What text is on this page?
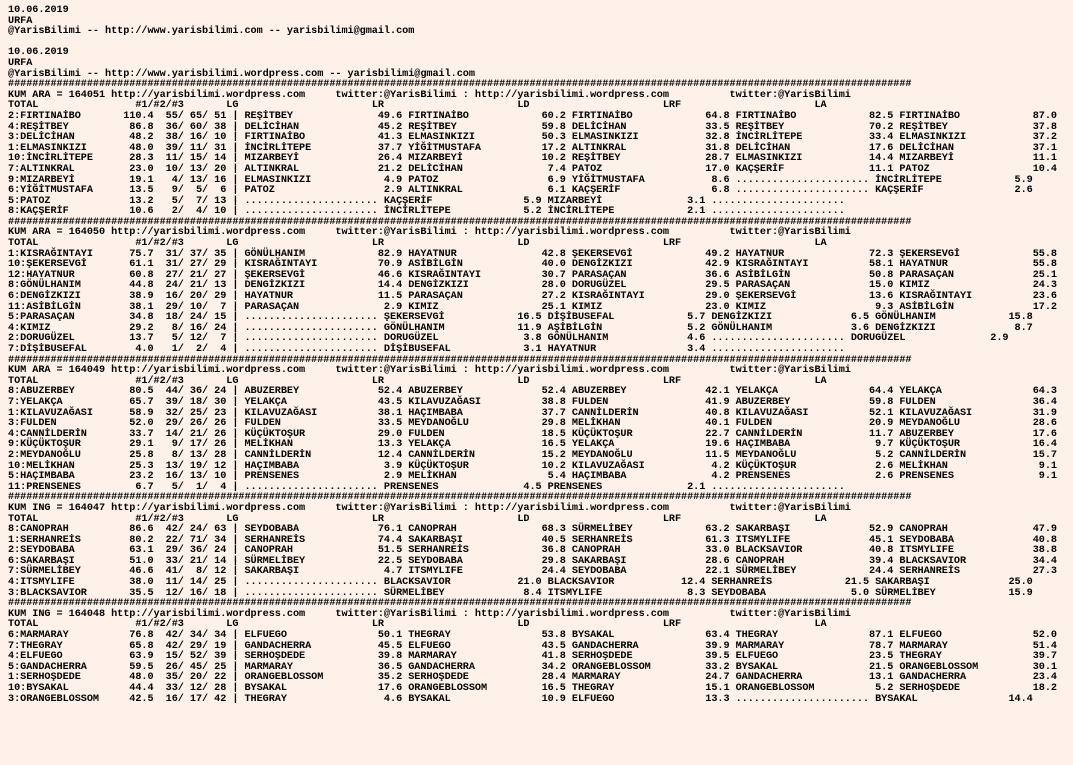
10.06.2019
URFA
@YarisBilimi -- http://www.yarisbilimi.com -- yarisbilimi@gmail.com

10.06.2019
URFA
@YarisBilimi -- http://www.yarisbilimi.wordpress.com -- yarisbilimi@gmail.com
#####################################################################################################################################################
KUM ARA = 164051 http://yarisbilimi.wordpress.com     twitter:@YarisBilimi : http://yarisbilimi.wordpress.com          twitter:@YarisBilimi
TOTAL                #1/#2/#3       LG                      LR                      LD                      LRF                      LA
2:FIRTINAİBO       110.4  55/ 65/ 51 | REŞİTBEY              49.6 FIRTINAİBO            60.2 FIRTINAİBO            64.8 FIRTINAİBO            82.5 FIRTINAİBO            87.0
4:REŞİTBEY          86.8  36/ 60/ 38 | DELİCİHAN             45.2 REŞİTBEY              59.8 DELİCİHAN             33.5 REŞİTBEY              70.2 REŞİTBEY              37.8
3:DELİCİHAN         48.2  38/ 16/ 10 | FIRTINAİBO            41.3 ELMASINKIZI           50.3 ELMASINKIZI           32.8 İNCİRLİTEPE           33.4 ELMASINKIZI           37.2
1:ELMASINKIZI       48.0  39/ 11/ 31 | İNCİRLİTEPE           37.7 YİĞİTMUSTAFA          17.2 ALTINKRAL             31.8 DELİCİHAN             17.6 DELİCİHAN             37.1
10:İNCİRLİTEPE      28.3  11/ 15/ 14 | MIZARBEYİ             26.4 MIZARBEYİ             10.2 REŞİTBEY              28.7 ELMASINKIZI           14.4 MIZARBEYİ             11.1
7:ALTINKRAL         23.0  10/ 13/ 20 | ALTINKRAL             21.2 DELİCİHAN              7.4 PATOZ                 17.0 KAÇŞERİF              11.1 PATOZ                 10.4
9:MIZARBEYİ         19.1   4/ 13/ 16 | ELMASINKIZI            4.9 PATOZ                  6.9 YİĞİTMUSTAFA           8.6 ...................... İNCİRLİTEPE            5.9
6:YİĞİTMUSTAFA      13.5   9/  5/  6 | PATOZ                  2.9 ALTINKRAL              6.1 KAÇŞERİF               6.8 ...................... KAÇŞERİF               2.6
5:PATOZ             13.2   5/  7/ 13 | ...................... KAÇŞERİF               5.9 MIZARBEYİ              3.1 ......................
8:KAÇŞERİF          10.6   2/  4/ 10 | ...................... İNCİRLİTEPE            5.2 İNCİRLİTEPE            2.1 ......................
#####################################################################################################################################################
KUM ARA = 164050 http://yarisbilimi.wordpress.com     twitter:@YarisBilimi : http://yarisbilimi.wordpress.com          twitter:@YarisBilimi
TOTAL                #1/#2/#3       LG                      LR                      LD                      LRF                      LA
1:KISRAĞINTAYI      75.7  31/ 37/ 35 | GÖNÜLHANIM            82.9 HAYATNUR              42.8 ŞEKERSEVGİ            49.2 HAYATNUR              72.3 ŞEKERSEVGİ            55.8
10:ŞEKERSEVGİ       61.1  31/ 27/ 29 | KISRAĞINTAYI          70.9 ASİBİLGİN             40.0 DENGİZKIZI            42.9 KISRAĞINTAYI          58.1 HAYATNUR              55.8
12:HAYATNUR         60.8  27/ 21/ 27 | ŞEKERSEVGİ            46.6 KISRAĞINTAYI          30.7 PARASAÇAN             36.6 ASİBİLGİN             50.8 PARASAÇAN             25.1
8:GÖNÜLHANIM        44.8  24/ 21/ 13 | DENGİZKIZI            14.4 DENGİZKIZI            28.0 DORUGÜZEL             29.5 PARASAÇAN             15.0 KIMIZ                 24.3
6:DENGİZKIZI        38.9  16/ 20/ 29 | HAYATNUR              11.5 PARASAÇAN             27.2 KISRAĞINTAYI          29.0 ŞEKERSEVGİ            13.6 KISRAĞINTAYI          23.6
11:ASİBİLGİN        38.1  29/ 10/  7 | PARASAÇAN              2.9 KIMIZ                 25.1 KIMIZ                 23.0 KIMIZ                  9.3 ASİBİLGİN             17.2
5:PARASAÇAN         34.8  18/ 24/ 15 | ...................... ŞEKERSEVGİ            16.5 DİŞİBUSEFAL            5.7 DENGİZKIZI             6.5 GÖNÜLHANIM            15.8
4:KIMIZ             29.2   8/ 16/ 24 | ...................... GÖNÜLHANIM            11.9 AŞİBİLGİN              5.2 GÖNÜLHANIM             3.6 DENGİZKIZI             8.7
2:DORUGÜZEL         13.7   5/ 12/  7 | ...................... DORUGÜZEL              3.8 GÖNÜLHANIM             4.6 ...................... DORUGÜZEL              2.9
7:DİŞİBUSEFAL        4.0   1/  2/  4 | ...................... DİŞİBUSEFAL            3.1 HAYATNUR               3.4 ......................
#####################################################################################################################################################
KUM ARA = 164049 http://yarisbilimi.wordpress.com     twitter:@YarisBilimi : http://yarisbilimi.wordpress.com          twitter:@YarisBilimi
TOTAL                #1/#2/#3       LG                      LR                      LD                      LRF                      LA
8:ABUZERBEY         80.5  44/ 36/ 24 | ABUZERBEY             52.4 ABUZERBEY             52.4 ABUZERBEY             42.1 YELAKÇA               64.4 YELAKÇA               64.3
7:YELAKÇA           65.7  39/ 18/ 30 | YELAKÇA               43.5 KILAVUZAĞASI          38.8 FULDEN                41.9 ABUZERBEY             59.8 FULDEN                36.4
1:KILAVUZAĞASI      58.9  32/ 25/ 23 | KILAVUZAĞASI          38.1 HAÇIMBABA             37.7 CANNİLDERİN           40.8 KILAVUZAĞASI          52.1 KILAVUZAĞASI          31.9
3:FULDEN            52.0  29/ 26/ 26 | FULDEN                33.5 MEYDANOĞLU            29.8 MELİKHAN              40.1 FULDEN                20.9 MEYDANOĞLU            28.6
4:CANNİLDERİN       33.7  14/ 21/ 26 | KÜÇÜKTOŞUR            29.0 FULDEN                18.5 KÜÇÜKTOŞUR            22.7 CANNİLDERİN           11.7 ABUZERBEY             17.6
9:KÜÇÜKTOŞUR        29.1   9/ 17/ 26 | MELİKHAN              13.3 YELAKÇA               16.5 YELAKÇA               19.6 HAÇIMBABA              9.7 KÜÇÜKTOŞUR            16.4
2:MEYDANOĞLU        25.8   8/ 13/ 28 | CANNİLDERİN           12.4 CANNİLDERİN           15.2 MEYDANOĞLU            11.5 MEYDANOĞLU             5.2 CANNİLDERİN           15.7
10:MELİKHAN         25.3  13/ 19/ 12 | HAÇIMBABA              3.9 KÜÇÜKTOŞUR            10.2 KILAVUZAĞASI           4.2 KÜÇÜKTOŞUR             2.6 MELİKHAN               9.1
5:HAÇIMBABA         23.2  16/ 13/ 10 | PRENSENES              2.9 MELİKHAN               5.4 HAÇIMBABA              4.2 PRENSENES              2.6 PRENSENES              9.1
11:PRENSENES         6.7   5/  1/  4 | ...................... PRENSENES              4.5 PRENSENES              2.1 ......................
#####################################################################################################################################################
KUM ING = 164047 http://yarisbilimi.wordpress.com     twitter:@YarisBilimi : http://yarisbilimi.wordpress.com          twitter:@YarisBilimi
TOTAL                #1/#2/#3       LG                      LR                      LD                      LRF                      LA
8:CANOPRAH          86.6  42/ 24/ 63 | SEYDOBABA             76.1 CANOPRAH              68.3 SÜRMELİBEY            63.2 SAKARBAŞI             52.9 CANOPRAH              47.9
1:SERHANREİS        80.2  22/ 71/ 34 | SERHANREİS            74.4 SAKARBAŞI             40.5 SERHANREİS            61.3 ITSMYLIFE             45.1 SEYDOBABA             40.8
2:SEYDOBABA         63.1  29/ 36/ 24 | CANOPRAH              51.5 SERHANREİS            36.8 CANOPRAH              33.0 BLACKSAVIOR           40.8 ITSMYLIFE             38.8
6:SAKARBAŞI         51.0  33/ 21/ 14 | SÜRMELİBEY            22.5 SEYDOBABA             29.8 SAKARBAŞI             28.6 CANOPRAH              39.4 BLACKSAVIOR           34.4
7:SÜRMELİBEY        46.6  41/  8/ 12 | SAKARBAŞI              4.7 ITSMYLIFE             24.4 SEYDOBABA             22.1 SÜRMELİBEY            24.4 SERHANREİS            27.3
4:ITSMYLIFE         38.0  11/ 14/ 25 | ...................... BLACKSAVIOR           21.0 BLACKSAVIOR           12.4 SERHANREİS            21.5 SAKARBAŞI             25.0
3:BLACKSAVIOR       35.5  12/ 16/ 18 | ...................... SÜRMELİBEY             8.4 ITSMYLIFE              8.3 SEYDOBABA              5.0 SÜRMELİBEY            15.9
#####################################################################################################################################################
KUM ING = 164048 http://yarisbilimi.wordpress.com     twitter:@YarisBilimi : http://yarisbilimi.wordpress.com          twitter:@YarisBilimi
TOTAL                #1/#2/#3       LG                      LR                      LD                      LRF                      LA
6:MARMARAY          76.8  42/ 34/ 34 | ELFUEGO               50.1 THEGRAY               53.8 BYSAKAL               63.4 THEGRAY               87.1 ELFUEGO               52.0
7:THEGRAY           65.8  42/ 29/ 19 | GANDACHERRA           45.5 ELFUEGO               43.5 GANDACHERRA           39.9 MARMARAY              78.7 MARMARAY              51.4
4:ELFUEGO           63.9  15/ 52/ 39 | SERHOŞDEDE            39.8 MARMARAY              41.8 SERHOŞDEDE            39.5 ELFUEGO               23.5 THEGRAY               39.7
5:GANDACHERRA       59.5  26/ 45/ 25 | MARMARAY              36.5 GANDACHERRA           34.2 ORANGEBLOSSOM         33.2 BYSAKAL               21.5 ORANGEBLOSSOM         30.1
1:SERHOŞDEDE        48.0  35/ 20/ 22 | ORANGEBLOSSOM         35.2 SERHOŞDEDE            28.4 MARMARAY              24.7 GANDACHERRA           13.1 GANDACHERRA           23.4
10:BYSAKAL          44.4  33/ 12/ 28 | BYSAKAL               17.6 ORANGEBLOSSOM         16.5 THEGRAY               15.1 ORANGEBLOSSOM          5.2 SERHOŞDEDE            18.2
3:ORANGEBLOSSOM     42.5  16/ 17/ 42 | THEGRAY                4.6 BYSAKAL               10.9 ELFUEGO               13.3 ...................... BYSAKAL               14.4
